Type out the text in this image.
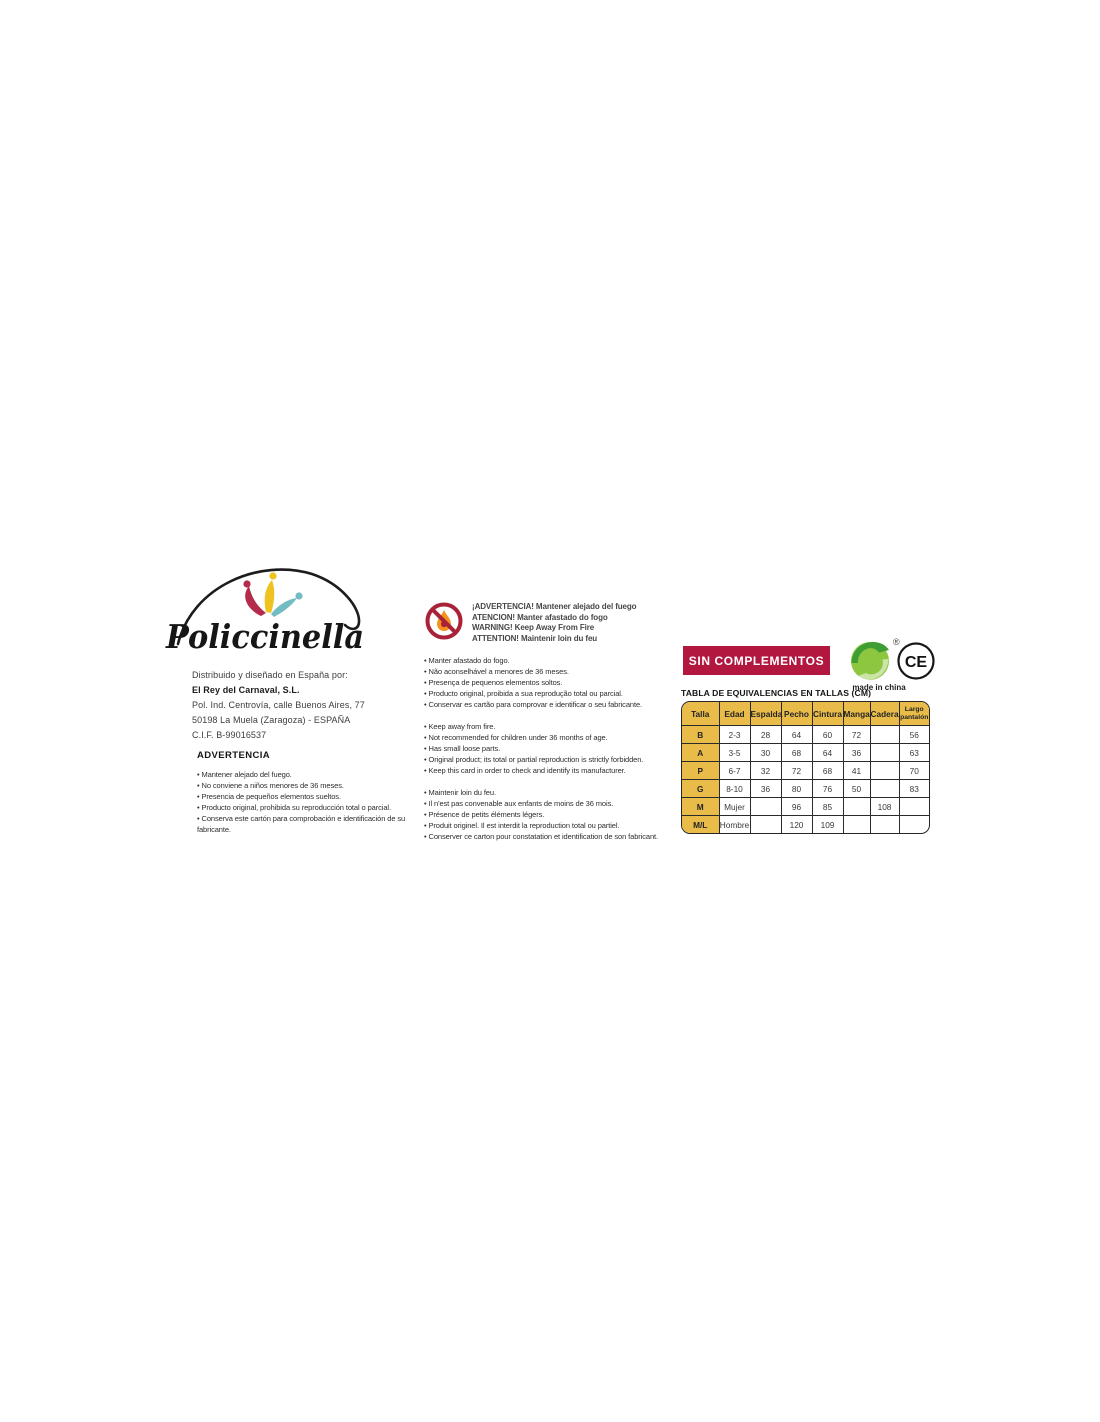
Policcinella
Distribuido y diseñado en España por:
El Rey del Carnaval, S.L.
Pol. Ind. Centrovía, calle Buenos Aires, 77
50198 La Muela (Zaragoza) - ESPAÑA
C.I.F. B-99016537
ADVERTENCIA
• Mantener alejado del fuego.
• No conviene a niños menores de 36 meses.
• Presencia de pequeños elementos sueltos.
• Producto original, prohibida su reproducción total o parcial.
• Conserva este cartón para comprobación e identificación de su fabricante.
¡ADVERTENCIA! Mantener alejado del fuego
ATENCION! Manter afastado do fogo
WARNING! Keep Away From Fire
ATTENTION! Maintenir loin du feu
• Manter afastado do fogo.
• Não aconselhável a menores de 36 meses.
• Presença de pequenos elementos soltos.
• Producto original, proibida a sua reprodução total ou parcial.
• Conservar es cartão para comprovar e identificar o seu fabricante.
• Keep away from fire.
• Not recommended for children under 36 months of age.
• Has small loose parts.
• Original product; its total or partial reproduction is strictly forbidden.
• Keep this card in order to check and identify its manufacturer.
• Maintenir loin du feu.
• Il n'est pas convenable aux enfants de moins de 36 mois.
• Présence de petits éléments légers.
• Produit originel. Il est interdit la reproduction total ou partiel.
• Conserver ce carton pour constatation et identification de son fabricant.
SIN COMPLEMENTOS
®
made in china
CE
TABLA DE EQUIVALENCIAS EN TALLAS (CM)
Talla	Edad	Espalda	Pecho	Cintura	Manga	Cadera	Largo pantalón
B	2-3	28	64	60	72		56
A	3-5	30	68	64	36		63
P	6-7	32	72	68	41		70
G	8-10	36	80	76	50		83
M	Mujer		96	85		108	
M/L	Hombre		120	109			
